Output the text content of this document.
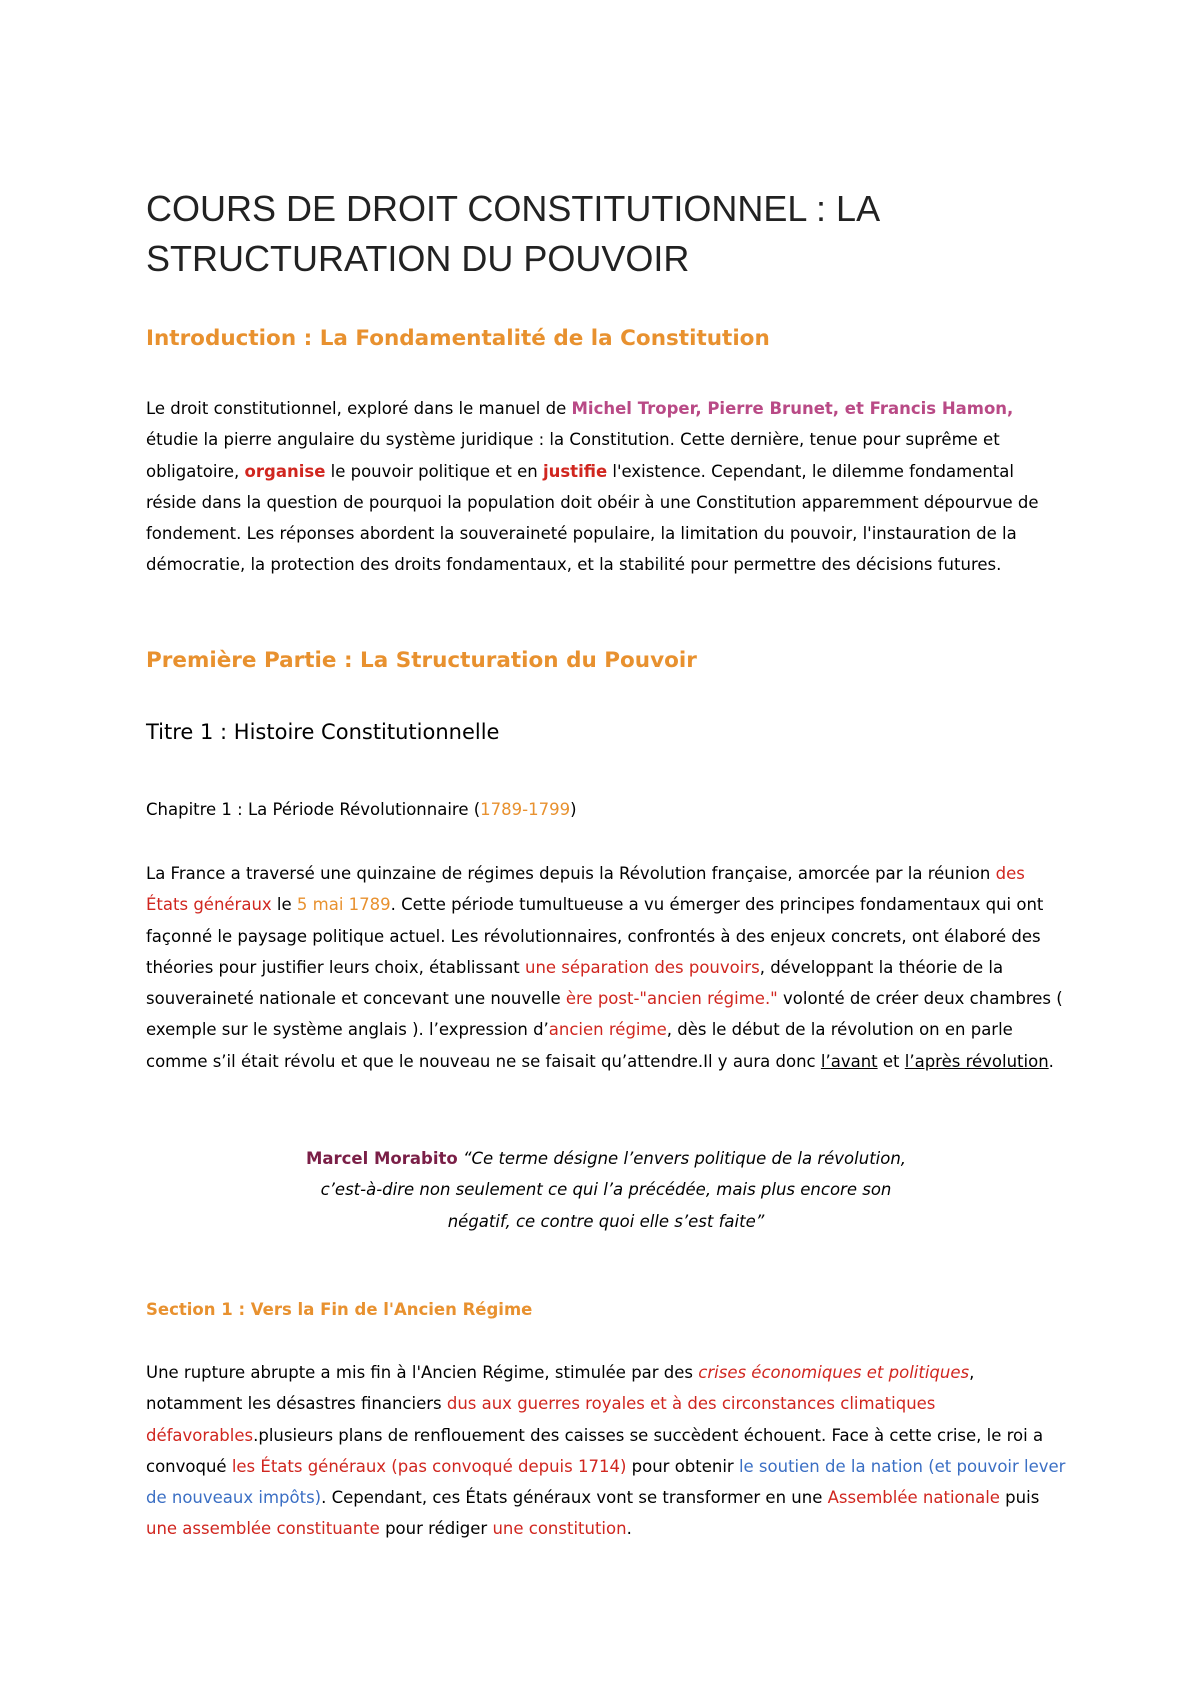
COURS DE DROIT CONSTITUTIONNEL : LA
STRUCTURATION DU POUVOIR
Introduction : La Fondamentalité de la Constitution

Le droit constitutionnel, exploré dans le manuel de Michel Troper, Pierre Brunet, et Francis Hamon, étudie la pierre angulaire du système juridique : la Constitution. Cette dernière, tenue pour suprême et obligatoire, organise le pouvoir politique et en justifie l'existence. Cependant, le dilemme fondamental réside dans la question de pourquoi la population doit obéir à une Constitution apparemment dépourvue de fondement. Les réponses abordent la souveraineté populaire, la limitation du pouvoir, l'instauration de la démocratie, la protection des droits fondamentaux, et la stabilité pour permettre des décisions futures.

Première Partie : La Structuration du Pouvoir
Titre 1 : Histoire Constitutionnelle

Chapitre 1 : La Période Révolutionnaire (1789-1799)

La France a traversé une quinzaine de régimes depuis la Révolution française, amorcée par la réunion des États généraux le 5 mai 1789. Cette période tumultueuse a vu émerger des principes fondamentaux qui ont façonné le paysage politique actuel. Les révolutionnaires, confrontés à des enjeux concrets, ont élaboré des théories pour justifier leurs choix, établissant une séparation des pouvoirs, développant la théorie de la souveraineté nationale et concevant une nouvelle ère post-"ancien régime." volonté de créer deux chambres ( exemple sur le système anglais ). l’expression d’ancien régime, dès le début de la révolution on en parle comme s’il était révolu et que le nouveau ne se faisait qu’attendre.Il y aura donc l’avant et l’après révolution.

Marcel Morabito “Ce terme désigne l’envers politique de la révolution,
c’est-à-dire non seulement ce qui l’a précédée, mais plus encore son
négatif, ce contre quoi elle s’est faite”

Section 1 : Vers la Fin de l'Ancien Régime

Une rupture abrupte a mis fin à l'Ancien Régime, stimulée par des crises économiques et politiques, notamment les désastres financiers dus aux guerres royales et à des circonstances climatiques défavorables.plusieurs plans de renflouement des caisses se succèdent échouent. Face à cette crise, le roi a convoqué les États généraux (pas convoqué depuis 1714) pour obtenir le soutien de la nation (et pouvoir lever de nouveaux impôts). Cependant, ces États généraux vont se transformer en une Assemblée nationale puis une assemblée constituante pour rédiger une constitution.
